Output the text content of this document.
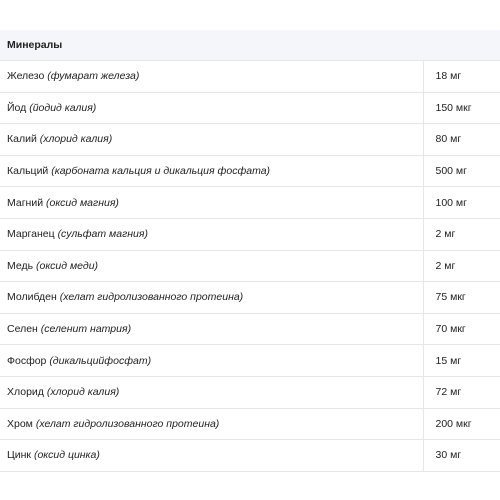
Минералы	
Железо (фумарат железа)	18 мг
Йод (йодид калия)	150 мкг
Калий (хлорид калия)	80 мг
Кальций (карбоната кальция и дикальция фосфата)	500 мг
Магний (оксид магния)	100 мг
Марганец (сульфат магния)	2 мг
Медь (оксид меди)	2 мг
Молибден (хелат гидролизованного протеина)	75 мкг
Селен (селенит натрия)	70 мкг
Фосфор (дикальцийфосфат)	15 мг
Хлорид (хлорид калия)	72 мг
Хром (хелат гидролизованного протеина)	200 мкг
Цинк (оксид цинка)	30 мг
